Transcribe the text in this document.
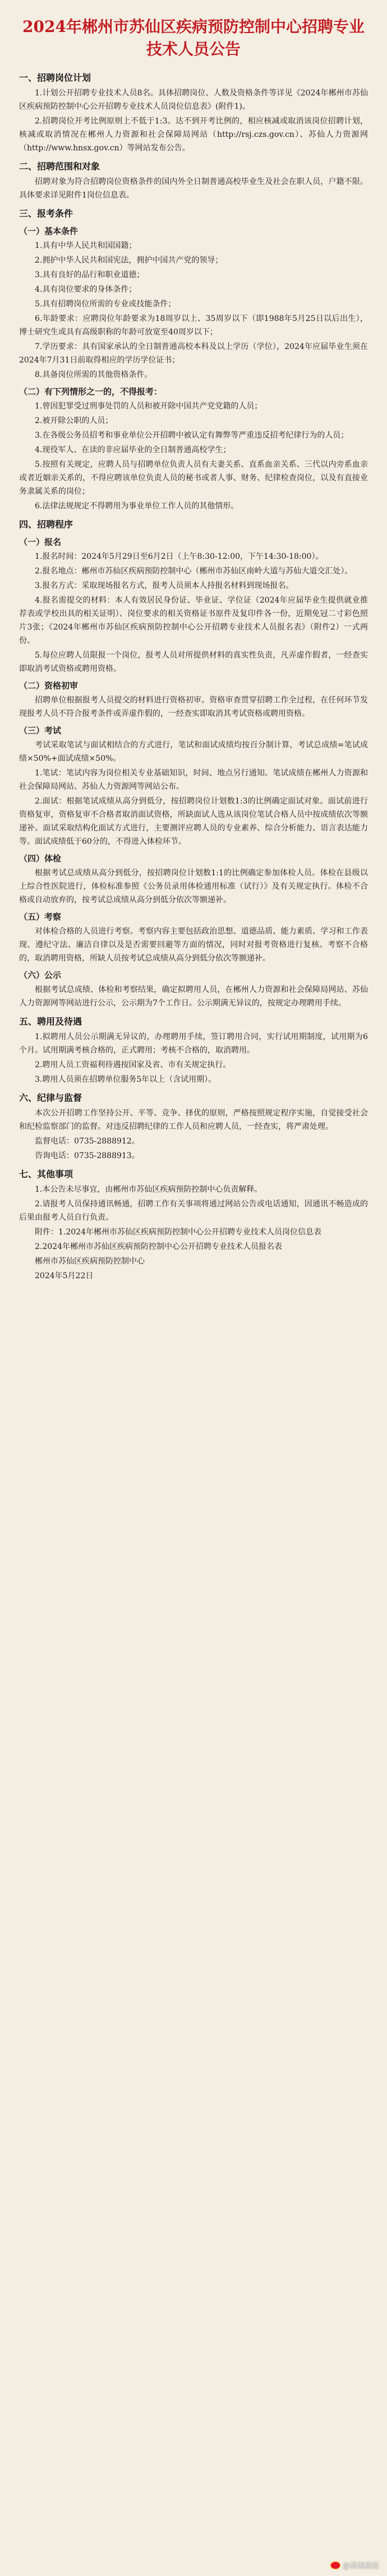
2024年郴州市苏仙区疾病预防控制中心招聘专业技术人员公告
一、招聘岗位计划
1.计划公开招聘专业技术人员8名。具体招聘岗位、人数及资格条件等详见《2024年郴州市苏仙区疾病预防控制中心公开招聘专业技术人员岗位信息表》(附件1)。
2.招聘岗位开考比例原则上不低于1:3。达不到开考比例的，相应核减或取消该岗位招聘计划，核减或取消情况在郴州人力资源和社会保障局网站（http://rsj.czs.gov.cn）、苏仙人力资源网（http://www.hnsx.gov.cn）等网站发布公告。
二、招聘范围和对象
招聘对象为符合招聘岗位资格条件的国内外全日制普通高校毕业生及社会在职人员，户籍不限。具体要求详见附件1岗位信息表。
三、报考条件
（一）基本条件
1.具有中华人民共和国国籍；
2.拥护中华人民共和国宪法，拥护中国共产党的领导；
3.具有良好的品行和职业道德；
4.具有岗位要求的身体条件；
5.具有招聘岗位所需的专业或技能条件；
6.年龄要求：应聘岗位年龄要求为18周岁以上、35周岁以下（即1988年5月25日以后出生），博士研究生或具有高级职称的年龄可放宽至40周岁以下；
7.学历要求：具有国家承认的全日制普通高校本科及以上学历（学位），2024年应届毕业生须在2024年7月31日前取得相应的学历学位证书；
8.具备岗位所需的其他资格条件。
（二）有下列情形之一的，不得报考：
1.曾因犯罪受过刑事处罚的人员和被开除中国共产党党籍的人员；
2.被开除公职的人员；
3.在各级公务员招考和事业单位公开招聘中被认定有舞弊等严重违反招考纪律行为的人员；
4.现役军人、在读的非应届毕业的全日制普通高校学生；
5.按照有关规定，应聘人员与招聘单位负责人员有夫妻关系、直系血亲关系、三代以内旁系血亲或者近姻亲关系的，不得应聘该单位负责人员的秘书或者人事、财务、纪律检查岗位，以及有直接业务隶属关系的岗位；
6.法律法规规定不得聘用为事业单位工作人员的其他情形。
四、招聘程序
（一）报名
1.报名时间：2024年5月29日至6月2日（上午8:30-12:00，下午14:30-18:00）。
2.报名地点：郴州市苏仙区疾病预防控制中心（郴州市苏仙区南岭大道与苏仙大道交汇处）。
3.报名方式：采取现场报名方式，报考人员须本人持报名材料到现场报名。
4.报名需提交的材料：本人有效居民身份证、毕业证、学位证（2024年应届毕业生提供就业推荐表或学校出具的相关证明）、岗位要求的相关资格证书原件及复印件各一份，近期免冠二寸彩色照片3张；《2024年郴州市苏仙区疾病预防控制中心公开招聘专业技术人员报名表》（附件2）一式两份。
5.每位应聘人员限报一个岗位，报考人员对所提供材料的真实性负责，凡弄虚作假者，一经查实即取消考试资格或聘用资格。
（二）资格初审
招聘单位根据报考人员提交的材料进行资格初审。资格审查贯穿招聘工作全过程，在任何环节发现报考人员不符合报考条件或弄虚作假的，一经查实即取消其考试资格或聘用资格。
（三）考试
考试采取笔试与面试相结合的方式进行，笔试和面试成绩均按百分制计算，考试总成绩=笔试成绩×50%+面试成绩×50%。
1.笔试：笔试内容为岗位相关专业基础知识，时间、地点另行通知。笔试成绩在郴州人力资源和社会保障局网站、苏仙人力资源网等网站公布。
2.面试：根据笔试成绩从高分到低分，按招聘岗位计划数1:3的比例确定面试对象。面试前进行资格复审，资格复审不合格者取消面试资格，所缺面试人选从该岗位笔试合格人员中按成绩依次等额递补。面试采取结构化面试方式进行，主要测评应聘人员的专业素养、综合分析能力、语言表达能力等。面试成绩低于60分的，不得进入体检环节。
（四）体检
根据考试总成绩从高分到低分，按招聘岗位计划数1:1的比例确定参加体检人员。体检在县级以上综合性医院进行，体检标准参照《公务员录用体检通用标准（试行）》及有关规定执行。体检不合格或自动放弃的，按考试总成绩从高分到低分依次等额递补。
（五）考察
对体检合格的人员进行考察。考察内容主要包括政治思想、道德品质、能力素质、学习和工作表现、遵纪守法、廉洁自律以及是否需要回避等方面的情况，同时对报考资格进行复核。考察不合格的，取消聘用资格，所缺人员按考试总成绩从高分到低分依次等额递补。
（六）公示
根据考试总成绩、体检和考察结果，确定拟聘用人员，在郴州人力资源和社会保障局网站、苏仙人力资源网等网站进行公示，公示期为7个工作日。公示期满无异议的，按规定办理聘用手续。
五、聘用及待遇
1.拟聘用人员公示期满无异议的，办理聘用手续，签订聘用合同，实行试用期制度，试用期为6个月。试用期满考核合格的，正式聘用；考核不合格的，取消聘用。
2.聘用人员工资福利待遇按国家及省、市有关规定执行。
3.聘用人员须在招聘单位服务5年以上（含试用期）。
六、纪律与监督
本次公开招聘工作坚持公开、平等、竞争、择优的原则，严格按照规定程序实施，自觉接受社会和纪检监察部门的监督。对违反招聘纪律的工作人员和应聘人员，一经查实，将严肃处理。
监督电话：0735-2888912。
咨询电话：0735-2888913。
七、其他事项
1.本公告未尽事宜，由郴州市苏仙区疾病预防控制中心负责解释。
2.请报考人员保持通讯畅通，招聘工作有关事项将通过网站公告或电话通知，因通讯不畅造成的后果由报考人员自行负责。
附件：1.2024年郴州市苏仙区疾病预防控制中心公开招聘专业技术人员岗位信息表
2.2024年郴州市苏仙区疾病预防控制中心公开招聘专业技术人员报名表
郴州市苏仙区疾病预防控制中心
2024年5月22日
@潇湘晨报
